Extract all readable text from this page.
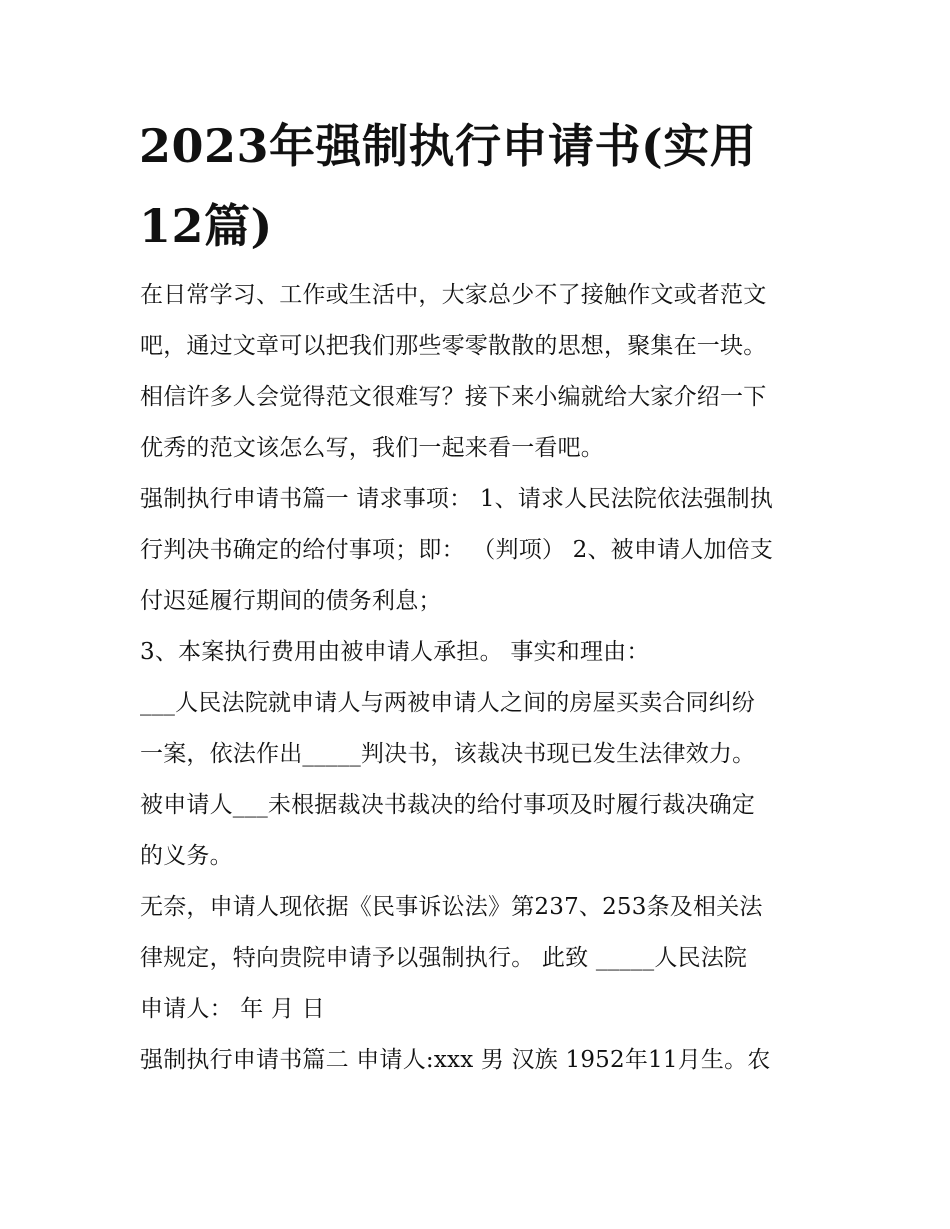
2023年强制执行申请书(实用
12篇)
在日常学习、工作或生活中，大家总少不了接触作文或者范文
吧，通过文章可以把我们那些零零散散的思想，聚集在一块。
相信许多人会觉得范文很难写？接下来小编就给大家介绍一下
优秀的范文该怎么写，我们一起来看一看吧。
强制执行申请书篇一 请求事项： 1、请求人民法院依法强制执
行判决书确定的给付事项；即： （判项） 2、被申请人加倍支
付迟延履行期间的债务利息；
3、本案执行费用由被申请人承担。 事实和理由：
___人民法院就申请人与两被申请人之间的房屋买卖合同纠纷
一案，依法作出_____判决书，该裁决书现已发生法律效力。
被申请人___未根据裁决书裁决的给付事项及时履行裁决确定
的义务。
无奈，申请人现依据《民事诉讼法》第237、253条及相关法
律规定，特向贵院申请予以强制执行。 此致 _____人民法院
申请人： 年 月 日
强制执行申请书篇二 申请人:xxx 男 汉族 1952年11月生。农
